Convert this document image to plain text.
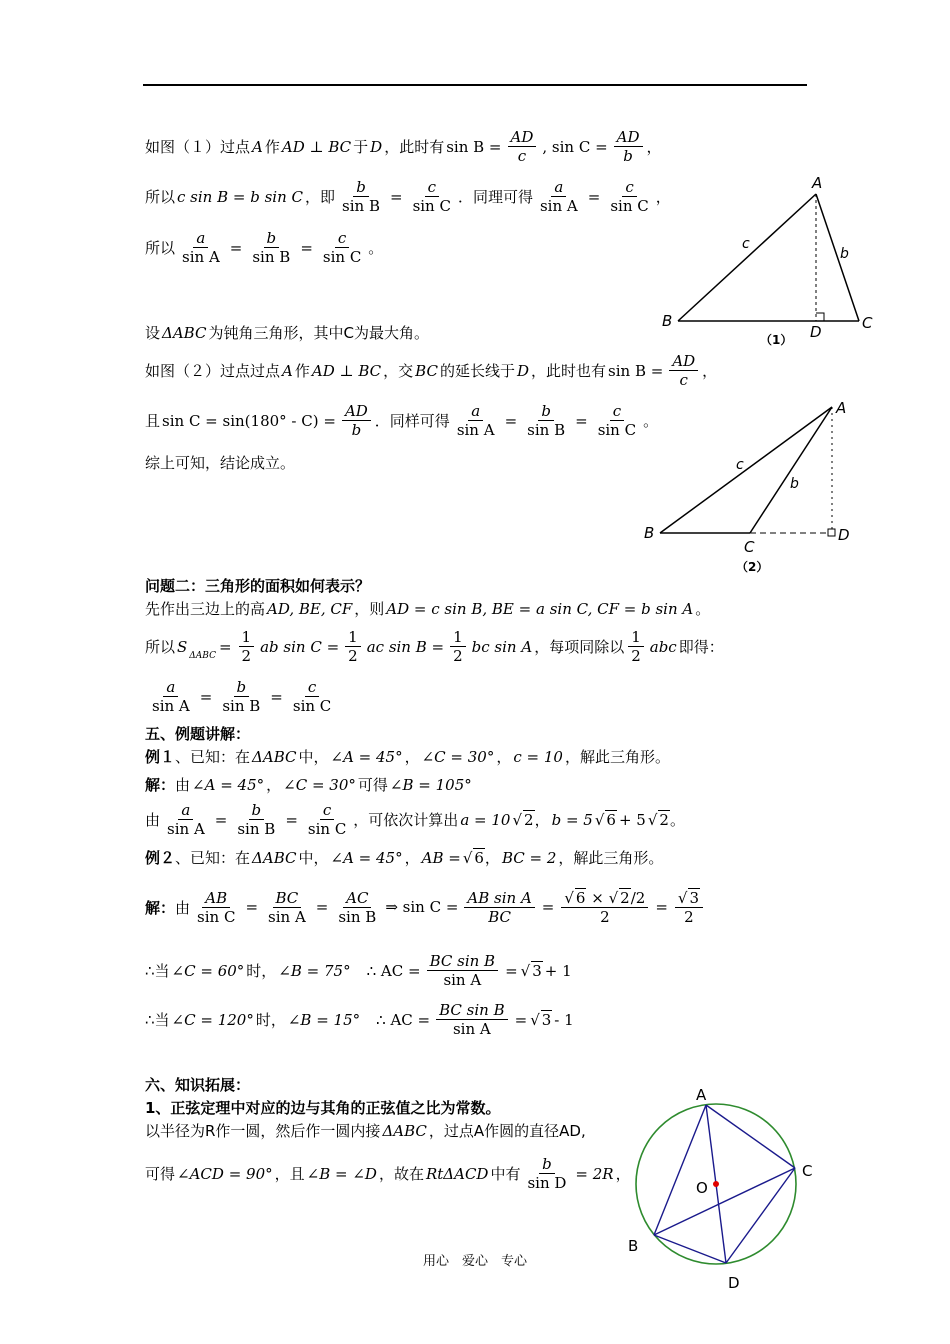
如图（１）过点 A 作 AD ⊥ BC 于 D ，此时有 $\sin B = \frac{AD}{c}$ , $\sin C = \frac{AD}{b}$ ，
所以 c sin B = b sin C ，即 $\frac{b}{\text{sin B}} = \frac{c}{\text{sin C}}$ ．同理可得 $\frac{a}{\text{sin A}} = \frac{c}{\text{sin C}}$ ，
所以 $\frac{a}{\text{sin A}} = \frac{b}{\text{sin B}} = \frac{c}{\text{sin C}}$ 。
A
B	C
D
b
c
（1）
设 ΔABC 为钝角三角形，其中C为最大角。
如图（２）过点过点 A 作 AD ⊥ BC ，交 BC 的延长线于 D ，此时也有 $\sin B = \frac{AD}{c}$ ，
且 $\sin C = \sin(180^\circ - C) = \frac{AD}{b}$ ．同样可得 $\frac{a}{\text{sin A}} = \frac{b}{\text{sin B}} = \frac{c}{\text{sin C}}$ 。
综上可知，结论成立。
A
B
C
D
b
c
（2）
问题二：三角形的面积如何表示？
先作出三边上的高 AD, BE, CF ，则 AD = c sin B, BE = a sin C, CF = b sin A 。
所以 S
ΔABC
= $\frac{1}{2}$ ab $\sin C = \frac{1}{2}$ ac $\sin B = \frac{1}{2}$ bc sin A ，每项同除以 $\frac{1}{2}$ abc 即得：
$\frac{a}{\text{sin A}} = \frac{b}{\text{sin B}} = \frac{c}{\text{sin C}}$
五、例题讲解：
例１ 、已知：在 ΔABC 中， ∠A = 45° ， ∠C = 30° ， c = 10 ，解此三角形。
解： 由 ∠A = 45° ， ∠C = 30° 可得 ∠B = 105°
由 $\frac{a}{\text{sin A}} = \frac{b}{\text{sin B}} = \frac{c}{\text{sin C}}$ ，可依次计算出 a = 10 √ 2 ， b = 5 √ 6 + 5 √ 2 。
例２ 、已知：在 ΔABC 中， ∠A = 45° ， AB = √ 6 ， BC = 2 ，解此三角形。
解： 由 $\frac{AB}{\text{sin C}} = \frac{BC}{\text{sin A}} = \frac{AC}{\text{sin B}}$ ⇒ $\sin C = \frac{\text{AB sin A}}{BC} = \frac{√ 6 \times √ 2/2}{2} = \frac{√ 3}{2}$
∴当 ∠C = 60° 时， ∠B = 75° ∴ AC = $\frac{\text{BC sin B}}{\text{sin A}}$ = √ 3 + 1
∴当 ∠C = 120° 时， ∠B = 15° ∴ AC = $\frac{\text{BC sin B}}{\text{sin A}}$ = √ 3 - 1
六、知识拓展：
1、正弦定理中对应的边与其角的正弦值之比为常数。
以半径为R作一圆，然后作一圆内接 ΔABC ，过点A作圆的直径AD,
可得 ∠ACD = 90° ，且 ∠B = ∠D ，故在 RtΔACD 中有 $\frac{b}{\text{sin D}} = 2R$ ，
A
C
B
D
O
用心　爱心　专心
